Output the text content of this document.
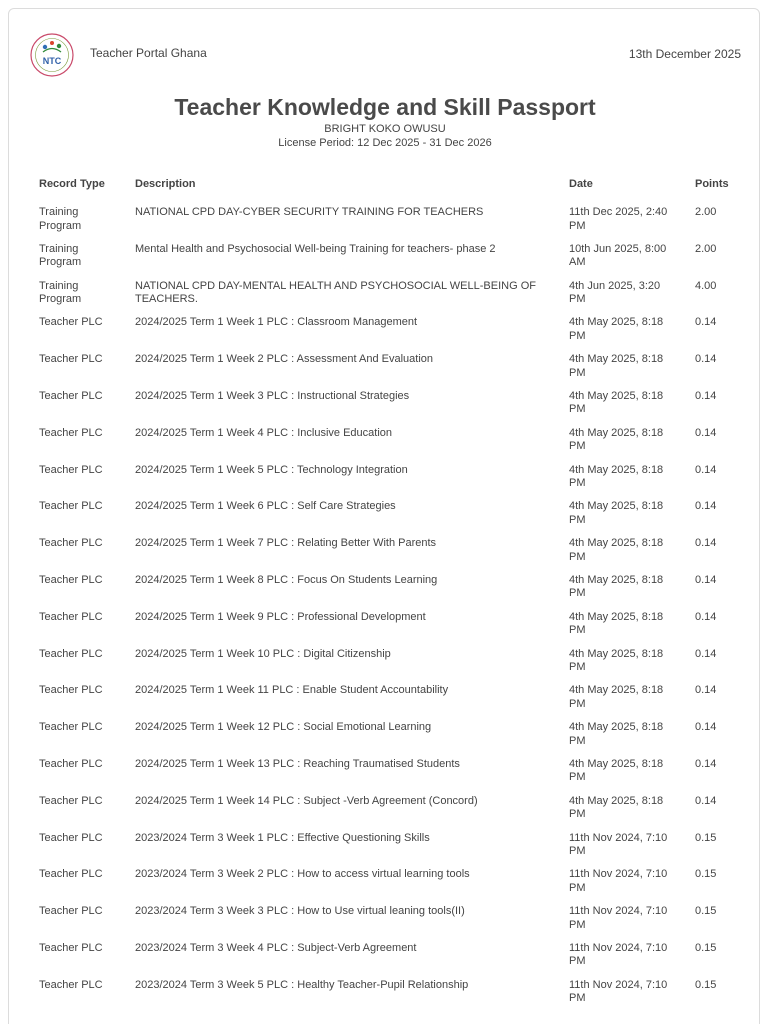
NTC
Teacher Portal Ghana	13th December 2025
Teacher Knowledge and Skill Passport
BRIGHT KOKO OWUSU
License Period: 12 Dec 2025 - 31 Dec 2026
Record Type	Description	Date	Points
Training Program	NATIONAL CPD DAY-CYBER SECURITY TRAINING FOR TEACHERS	11th Dec 2025, 2:40 PM	2.00
Training Program	Mental Health and Psychosocial Well-being Training for teachers- phase 2	10th Jun 2025, 8:00 AM	2.00
Training Program	NATIONAL CPD DAY-MENTAL HEALTH AND PSYCHOSOCIAL WELL-BEING OF TEACHERS.	4th Jun 2025, 3:20 PM	4.00
Teacher PLC	2024/2025 Term 1 Week 1 PLC : Classroom Management	4th May 2025, 8:18 PM	0.14
Teacher PLC	2024/2025 Term 1 Week 2 PLC : Assessment And Evaluation	4th May 2025, 8:18 PM	0.14
Teacher PLC	2024/2025 Term 1 Week 3 PLC : Instructional Strategies	4th May 2025, 8:18 PM	0.14
Teacher PLC	2024/2025 Term 1 Week 4 PLC : Inclusive Education	4th May 2025, 8:18 PM	0.14
Teacher PLC	2024/2025 Term 1 Week 5 PLC : Technology Integration	4th May 2025, 8:18 PM	0.14
Teacher PLC	2024/2025 Term 1 Week 6 PLC : Self Care Strategies	4th May 2025, 8:18 PM	0.14
Teacher PLC	2024/2025 Term 1 Week 7 PLC : Relating Better With Parents	4th May 2025, 8:18 PM	0.14
Teacher PLC	2024/2025 Term 1 Week 8 PLC : Focus On Students Learning	4th May 2025, 8:18 PM	0.14
Teacher PLC	2024/2025 Term 1 Week 9 PLC : Professional Development	4th May 2025, 8:18 PM	0.14
Teacher PLC	2024/2025 Term 1 Week 10 PLC : Digital Citizenship	4th May 2025, 8:18 PM	0.14
Teacher PLC	2024/2025 Term 1 Week 11 PLC : Enable Student Accountability	4th May 2025, 8:18 PM	0.14
Teacher PLC	2024/2025 Term 1 Week 12 PLC : Social Emotional Learning	4th May 2025, 8:18 PM	0.14
Teacher PLC	2024/2025 Term 1 Week 13 PLC : Reaching Traumatised Students	4th May 2025, 8:18 PM	0.14
Teacher PLC	2024/2025 Term 1 Week 14 PLC : Subject -Verb Agreement (Concord)	4th May 2025, 8:18 PM	0.14
Teacher PLC	2023/2024 Term 3 Week 1 PLC : Effective Questioning Skills	11th Nov 2024, 7:10 PM	0.15
Teacher PLC	2023/2024 Term 3 Week 2 PLC : How to access virtual learning tools	11th Nov 2024, 7:10 PM	0.15
Teacher PLC	2023/2024 Term 3 Week 3 PLC : How to Use virtual leaning tools(II)	11th Nov 2024, 7:10 PM	0.15
Teacher PLC	2023/2024 Term 3 Week 4 PLC : Subject-Verb Agreement	11th Nov 2024, 7:10 PM	0.15
Teacher PLC	2023/2024 Term 3 Week 5 PLC : Healthy Teacher-Pupil Relationship	11th Nov 2024, 7:10 PM	0.15
